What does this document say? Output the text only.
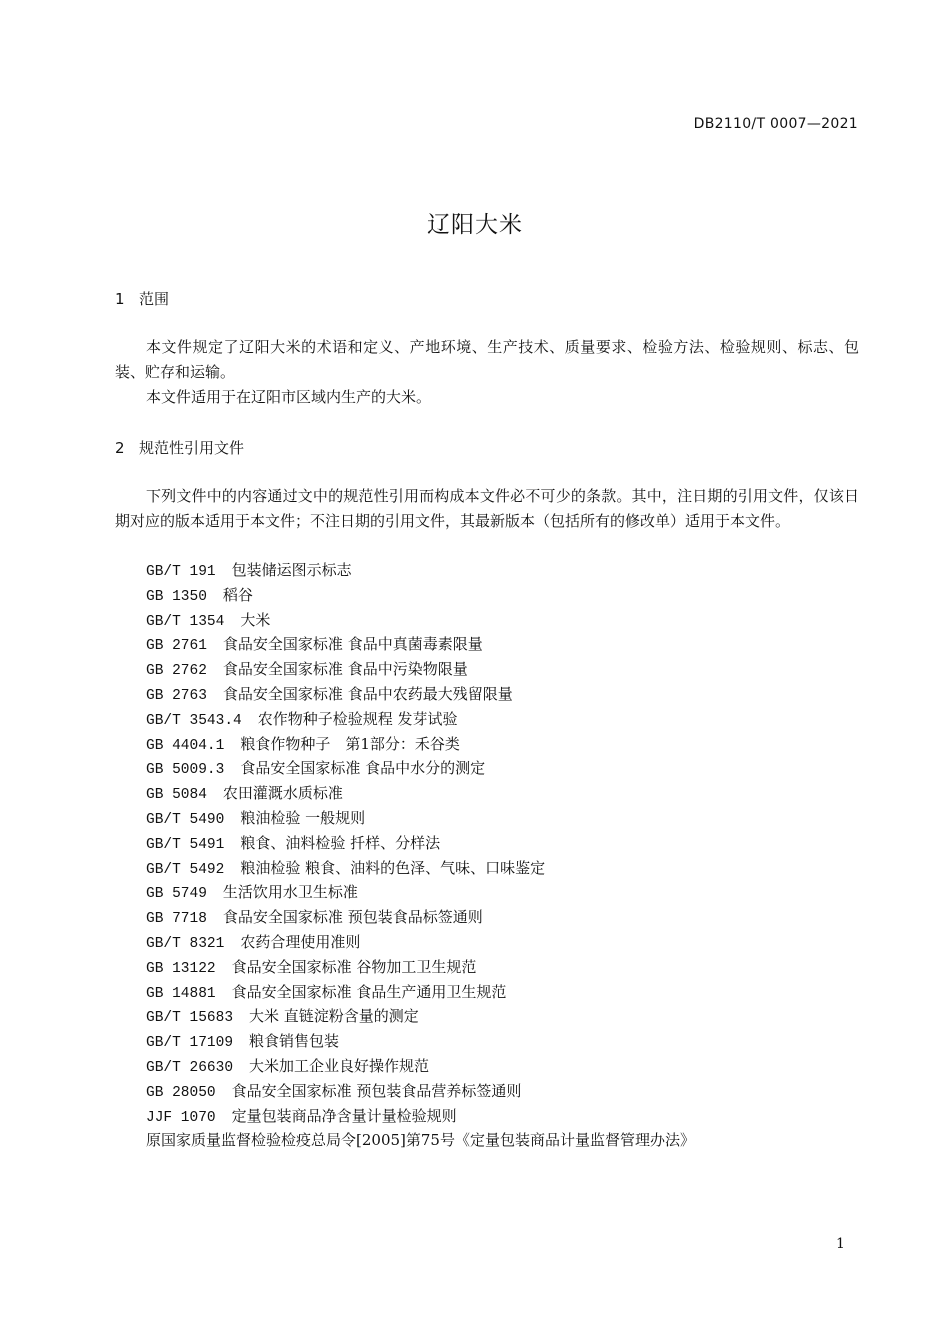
DB2110/T 0007—2021
辽阳大米
1 范围
本文件规定了辽阳大米的术语和定义、产地环境、生产技术、质量要求、检验方法、检验规则、标志、包装、贮存和运输。
本文件适用于在辽阳市区域内生产的大米。
2 规范性引用文件
下列文件中的内容通过文中的规范性引用而构成本文件必不可少的条款。其中，注日期的引用文件，仅该日期对应的版本适用于本文件；不注日期的引用文件，其最新版本（包括所有的修改单）适用于本文件。
GB/T 191 包装储运图示标志
GB 1350 稻谷
GB/T 1354 大米
GB 2761 食品安全国家标准 食品中真菌毒素限量
GB 2762 食品安全国家标准 食品中污染物限量
GB 2763 食品安全国家标准 食品中农药最大残留限量
GB/T 3543.4 农作物种子检验规程 发芽试验
GB 4404.1 粮食作物种子　第1部分：禾谷类
GB 5009.3 食品安全国家标准 食品中水分的测定
GB 5084 农田灌溉水质标准
GB/T 5490 粮油检验 一般规则
GB/T 5491 粮食、油料检验 扦样、分样法
GB/T 5492 粮油检验 粮食、油料的色泽、气味、口味鉴定
GB 5749 生活饮用水卫生标准
GB 7718 食品安全国家标准 预包装食品标签通则
GB/T 8321 农药合理使用准则
GB 13122 食品安全国家标准 谷物加工卫生规范
GB 14881 食品安全国家标准 食品生产通用卫生规范
GB/T 15683 大米 直链淀粉含量的测定
GB/T 17109 粮食销售包装
GB/T 26630 大米加工企业良好操作规范
GB 28050 食品安全国家标准 预包装食品营养标签通则
JJF 1070 定量包装商品净含量计量检验规则
原国家质量监督检验检疫总局令[2005]第75号《定量包装商品计量监督管理办法》
1
